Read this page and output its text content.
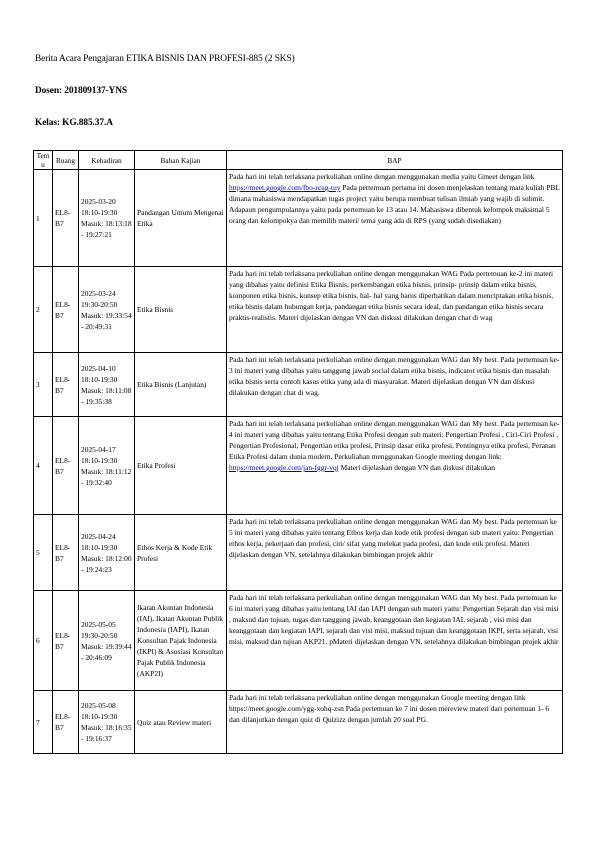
Berita Acara Pengajaran ETIKA BISNIS DAN PROFESI-885 (2 SKS)
Dosen: 201809137-YNS
Kelas: KG.885.37.A
Temu	Ruang	Kehadiran	Bahan Kajian	BAP
1	EL8-B7	2025-03-20 18:10-19:30 Masuk: 18:13:18 - 19:27:21	Pandangan Umum Mengenai Etika	Pada hari ini telah terlaksana perkuliahan online dengan menggunakan media yaitu Gmeet dengan link https://meet.google.com/fbo-rcug-tuy Pada pertemuan pertama ini dosen menjelaskan tentang mata kuliah PBL dimana mahasiswa mendapatkan tugas project yaitu berupa membuat tulisan ilmiah yang wajib di submit. Adapaun pengumpulannya yaitu pada pertemuan ke 13 atau 14. Mahasiswa dibentuk kelompok maksimal 5 orang dan kelompokya dan memilih materi/ tema yang ada di RPS (yang sudah disediakan)
2	EL8-B7	2025-03-24 19:30-20:50 Masuk: 19:33:54 - 20:49:31	Etika Bisnis	Pada hari ini telah terlaksana perkuliahan online dengan menggunakan WAG Pada pertemuan ke-2 ini materi yang dibahas yaitu definisi Etika Bisnis, perkembangan etika bisnis, prinsip- prinsip dalam etika bisnis, komponen etika bisnis, konsep etika bisnis, hal- hal yang harus diperhatikan dalam menciptakan etika bisnis, etika bisnis dalam hubungan kerja, pandangan etika bisnis secara ideal, dan pandangan etika bisnis secara praktis-realistis. Materi dijelaskan dengan VN dan diskusi dilakukan dengan chat di wag
3	EL8-B7	2025-04-10 18:10-19:30 Masuk: 18:11:08 - 19:35:38	Etika Bisnis (Lanjutan)	Pada hari ini telah terlaksana perkuliahan online dengan menggunakan WAG dan My best. Pada pertemuan ke-3 ini materi yang dibahas yaitu tanggung jawab social dalam etika bisnis, indicator etika bisnis dan masalah etika bisnis serta contoh kasus etika yang ada di masyarakat. Materi dijelaskan dengan VN dan diskusi dilakukan dengan chat di wag.
4	EL8-B7	2025-04-17 18:10-19:30 Masuk: 18:11:12 - 19:32:40	Etika Profesi	Pada hari ini telah terlaksana perkuliahan online dengan menggunakan WAG dan My best. Pada pertemuan ke-4 ini materi yang dibahas yaitu tentang Etika Profesi dengan sub materi: Pengertian Profesi , Ciri-Ciri Profesi , Pengertian Profesional, Pengertian etika profesi, Prinsip dasar etika profesi, Pentingnya etika profesi, Peranan Etika Profesi dalam dunia modern. Perkuliahan menggunakan Google meeting dengan link: https://meet.google.com/jan-fggr-vqj Materi dijelaskan dengan VN dan diskusi dilakukan
5	EL8-B7	2025-04-24 18:10-19:30 Masuk: 18:12:00 - 19:24:23	Ethos Kerja & Kode Etik Profesi	Pada hari ini telah terlaksana perkuliahan online dengan menggunakan WAG dan My best. Pada pertemuan ke 5 ini materi yang dibahas yaitu tentang Ethos kerja dan kode etik profesi dengan sub materi yaitu: Pengertian ethos kerja, pekerjaan dan profesi, ciri/ sifat yang melekat pada profesi, dan kode etik profesi. Materi dijelaskan dengan VN, setelahnya dilakukan bimbingan projek akhir
6	EL8-B7	2025-05-05 19:30-20:50 Masuk: 19:39:44 - 20:46:09	Ikatan Akuntan Indonesia (IAI), Ikatan Akuntan Publik Indonesia (IAPI), Ikatan Konsultan Pajak Indonesia (IKPI) & Asosiasi Konsultan Pajak Publik Indonesia (AKP2I)	Pada hari ini telah terlaksana perkuliahan online dengan menggunakan WAG dan My best. Pada pertemuan ke 6 ini materi yang dibahas yaitu tentang IAI dan IAPI dengan sub materi yaitu: Pengertian Sejarah dan visi misi , maksud dan tujuan, tugas dan tanggung jawab, keanggotaan dan kegiatan IAI, sejarah , visi misi dan keanggotaan dan kegiatan IAPI, sejarah dan visi misi, maksud tujuan dan keanggotaan IKPI, serta sejarah, visi misi, maksud dan tujuan AKP21. pMateri dijelaskan dengan VN, setelahnya dilakukan bimbingan projek akhir
7	EL8-B7	2025-05-08 18:10-19:30 Masuk: 18:16:35 - 19:16:37	Quiz atau Review materi	Pada hari ini telah terlaksana perkuliahan online dengan menggunakan Google meeting dengan link https://meet.google.com/ygg-xohq-zsn Pada pertemuan ke 7 ini dosen mereview materi dari pertemuan 1- 6 dan dilanjutkan dengan quiz di Quizizz dengan jumlah 20 soal PG.
